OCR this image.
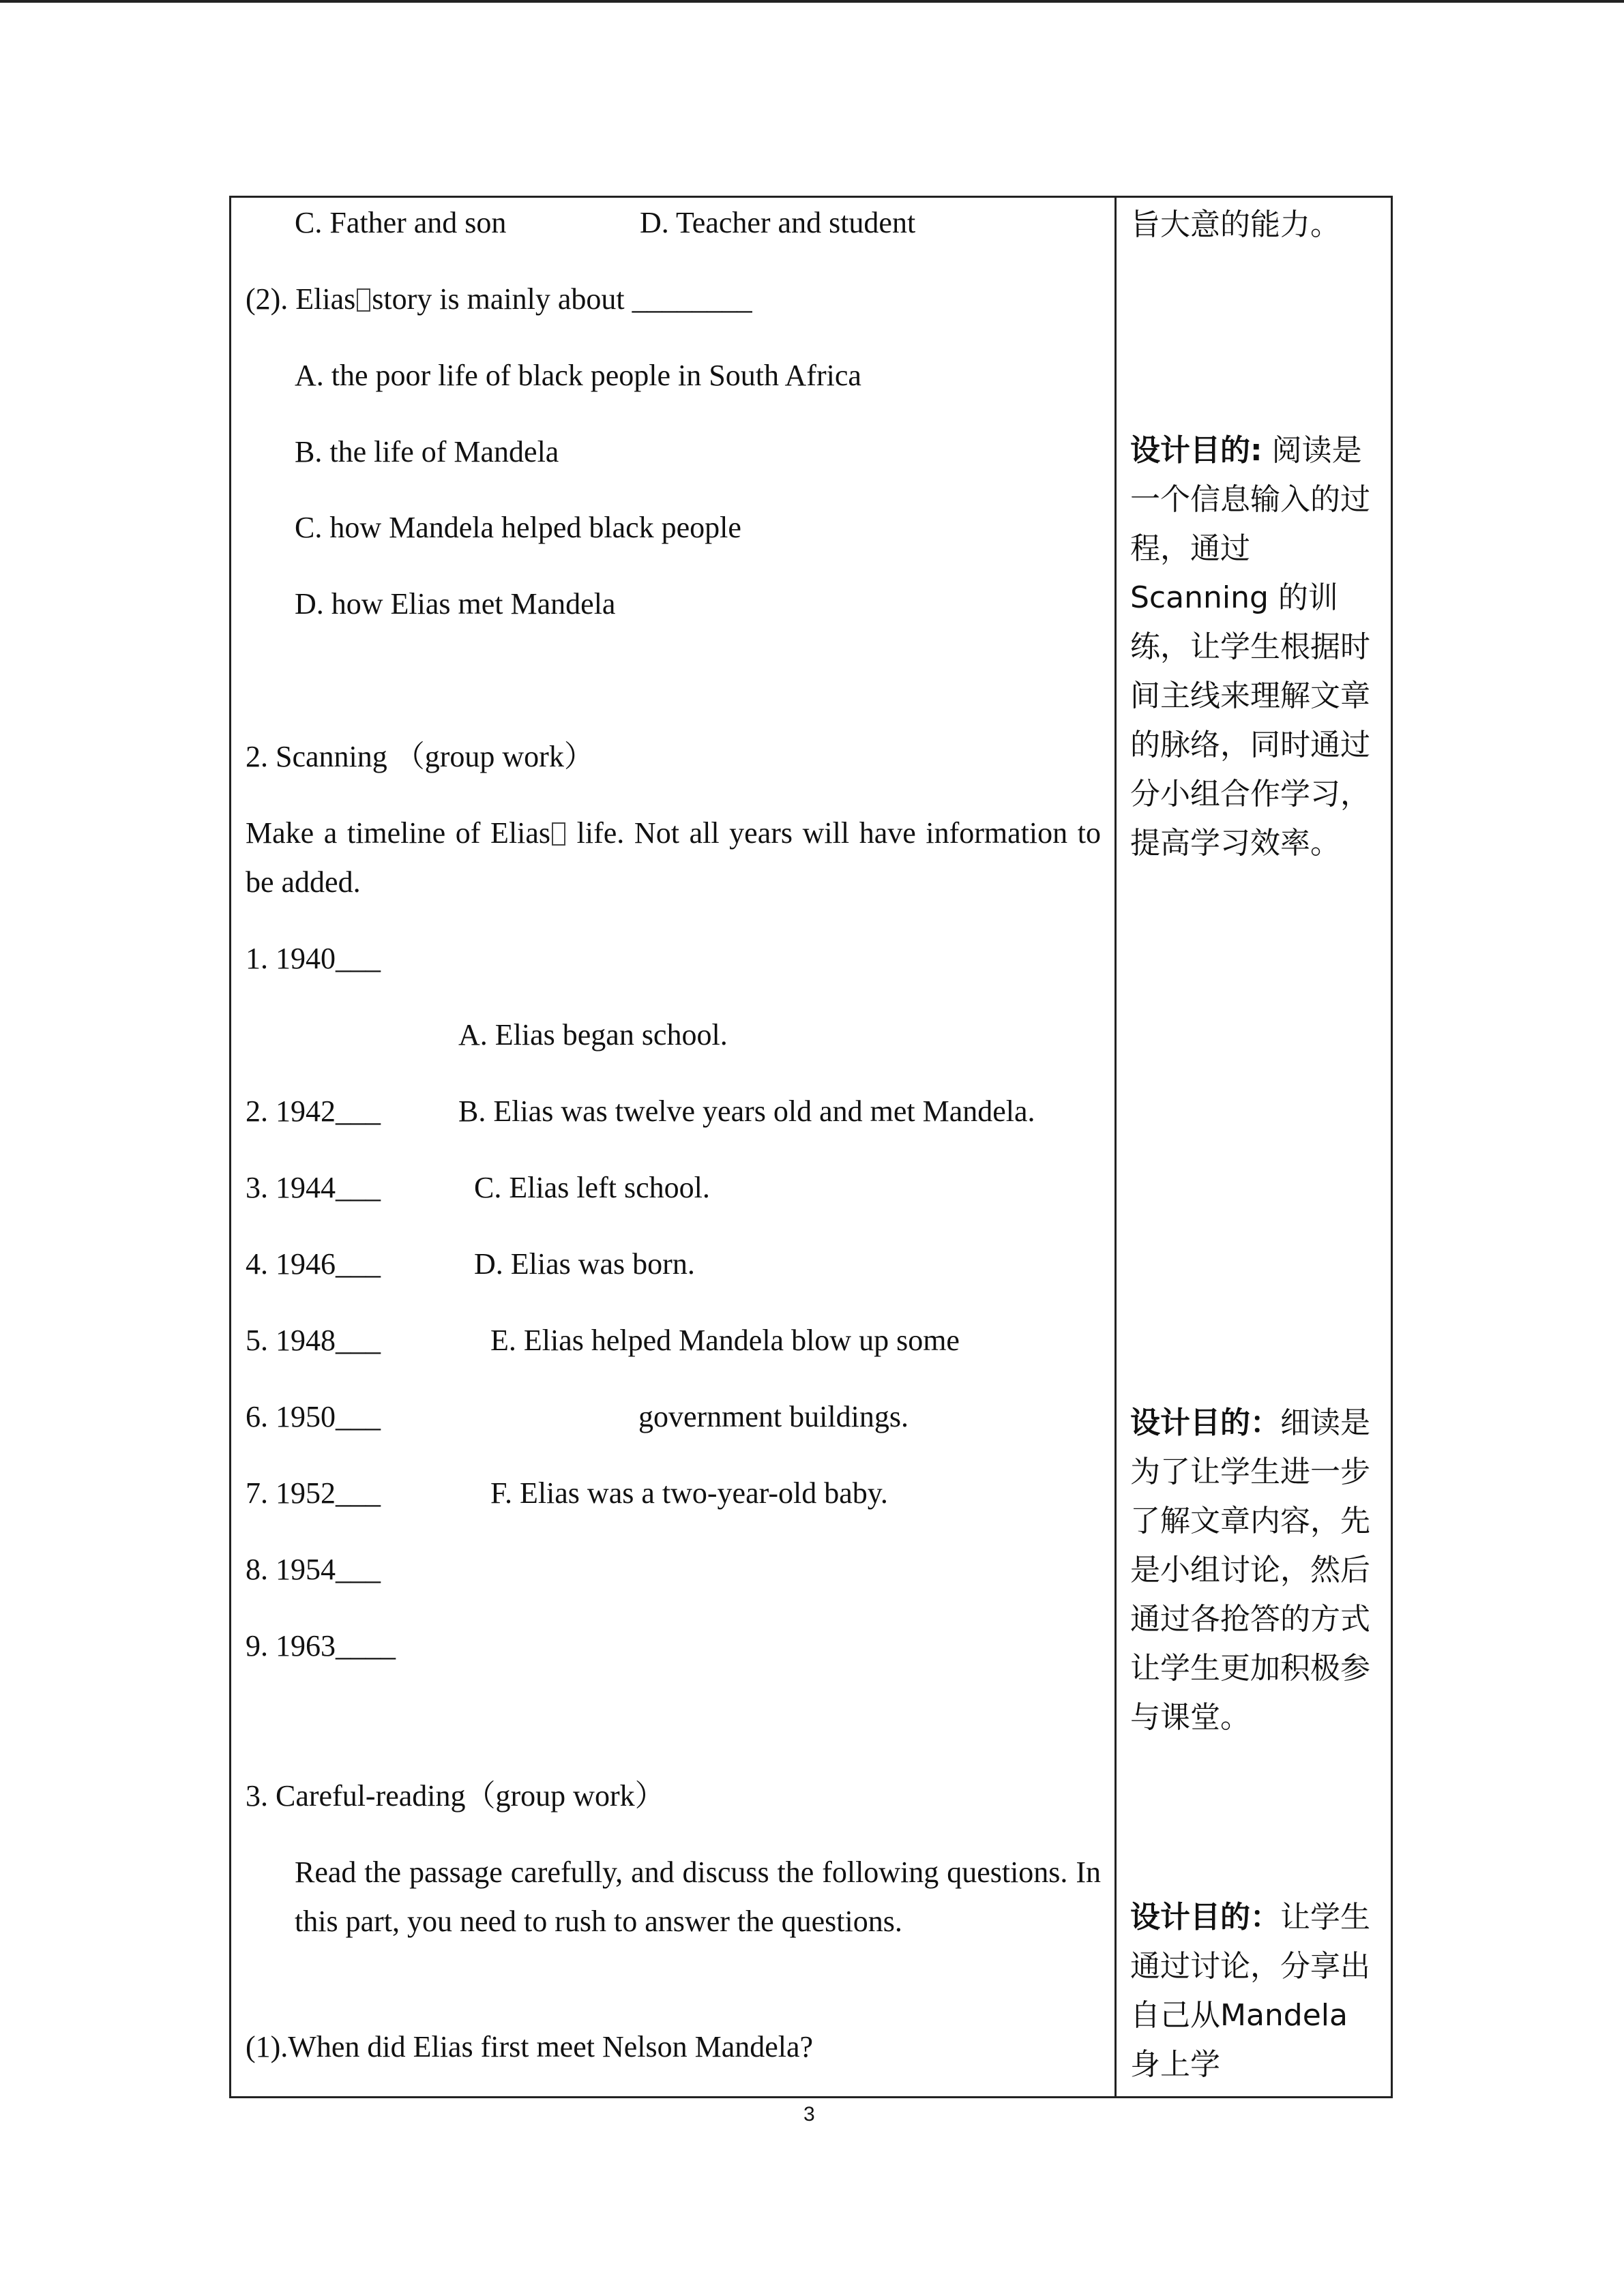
C. Father and son	D. Teacher and student
(2). Elias story is mainly about ________
A. the poor life of black people in South Africa
B. the life of Mandela
C. how Mandela helped black people
D. how Elias met Mandela
2. Scanning （group work）
Make a timeline of Elias life. Not all years will have information to be added.
1. 1940___
A. Elias began school.
2. 1942___	B. Elias was twelve years old and met Mandela.
3. 1944___	C. Elias left school.
4. 1946___	D. Elias was born.
5. 1948___	E. Elias helped Mandela blow up some
6. 1950___	government buildings.
7. 1952___	F. Elias was a two-year-old baby.
8. 1954___
9. 1963____
3. Careful-reading（group work）
Read the passage carefully, and discuss the following questions. In this part, you need to rush to answer the questions.
(1).When did Elias first meet Nelson Mandela?
旨大意的能力。
设计目的: 阅读是一个信息输入的过程，通过Scanning 的训练，让学生根据时间主线来理解文章的脉络，同时通过分小组合作学习，提高学习效率。
设计目的：细读是为了让学生进一步了解文章内容，先是小组讨论，然后通过各抢答的方式让学生更加积极参与课堂。
设计目的：让学生通过讨论，分享出自己从Mandela 身上学
3
